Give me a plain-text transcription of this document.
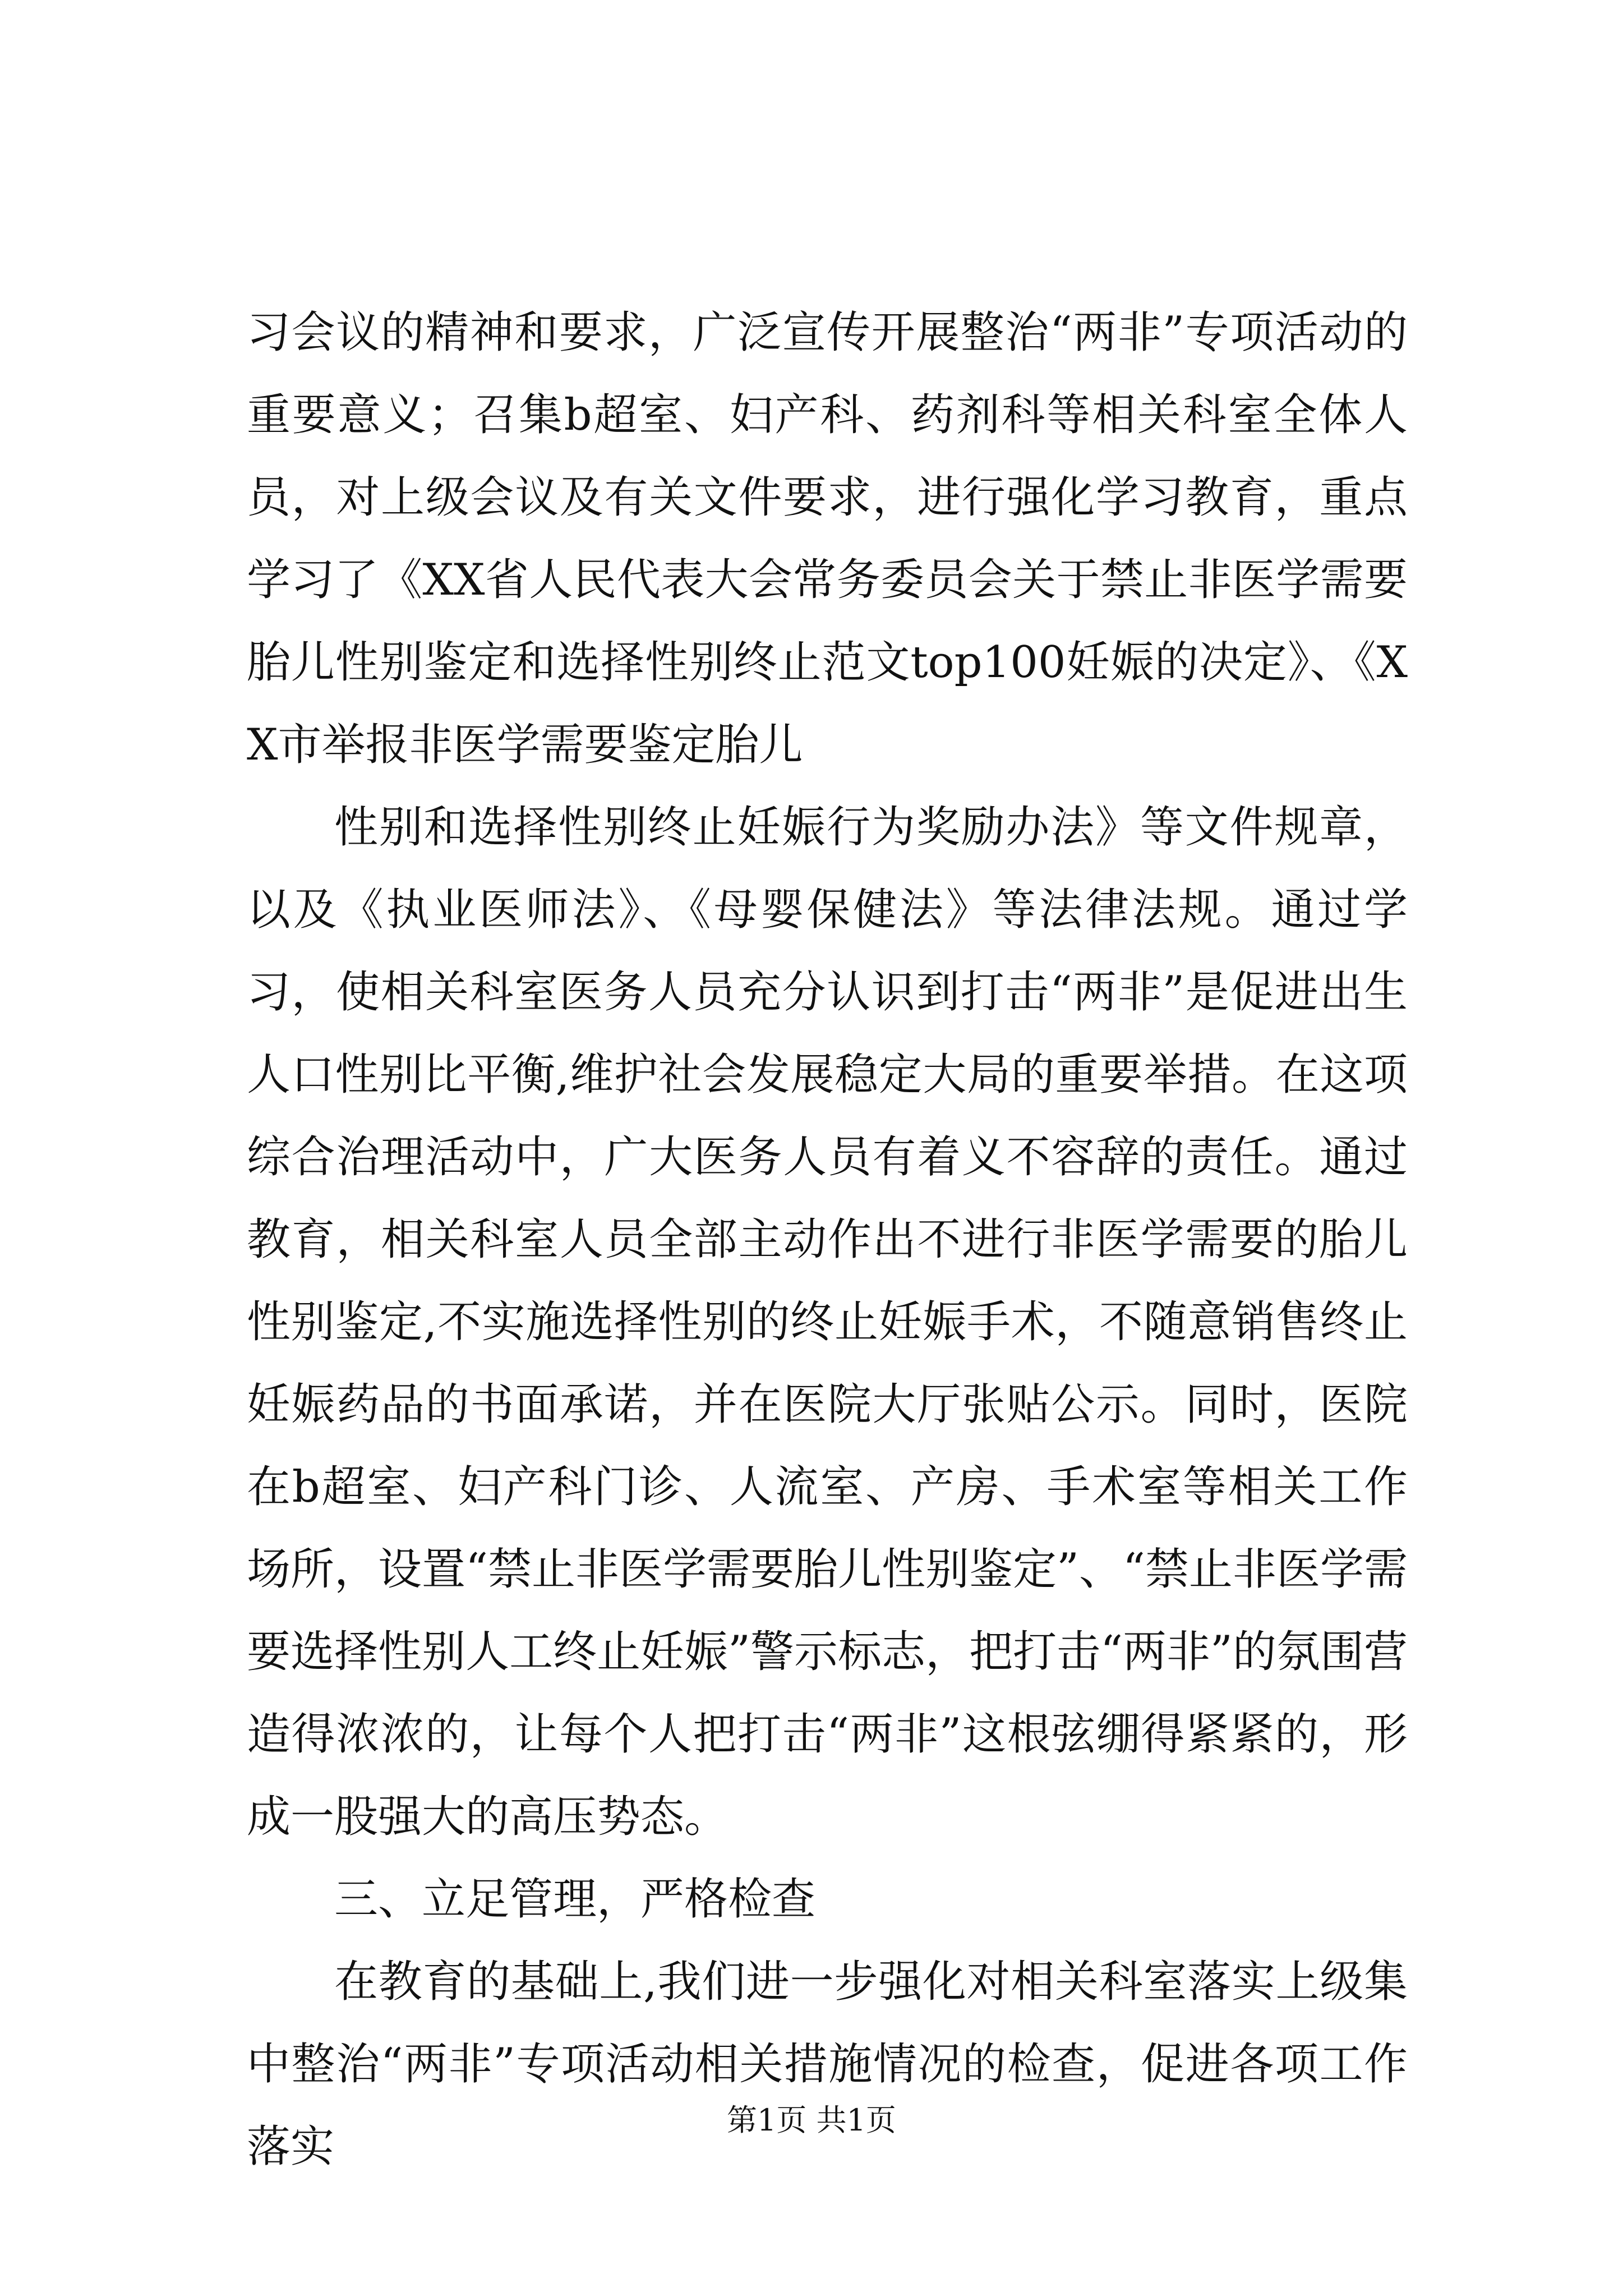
习会议的精神和要求，广泛宣传开展整治“两非”专项活动的重要意义；召集b超室、妇产科、药剂科等相关科室全体人员，对上级会议及有关文件要求，进行强化学习教育，重点学习了《XX省人民代表大会常务委员会关于禁止非医学需要胎儿性别鉴定和选择性别终止范文top100妊娠的决定》、《XX市举报非医学需要鉴定胎儿

性别和选择性别终止妊娠行为奖励办法》等文件规章，以及《执业医师法》、《母婴保健法》等法律法规。通过学习，使相关科室医务人员充分认识到打击“两非”是促进出生人口性别比平衡,维护社会发展稳定大局的重要举措。在这项综合治理活动中，广大医务人员有着义不容辞的责任。通过教育，相关科室人员全部主动作出不进行非医学需要的胎儿性别鉴定,不实施选择性别的终止妊娠手术，不随意销售终止妊娠药品的书面承诺，并在医院大厅张贴公示。同时，医院在b超室、妇产科门诊、人流室、产房、手术室等相关工作场所，设置“禁止非医学需要胎儿性别鉴定”、“禁止非医学需要选择性别人工终止妊娠”警示标志，把打击“两非”的氛围营造得浓浓的，让每个人把打击“两非”这根弦绷得紧紧的，形成一股强大的高压势态。

三、立足管理，严格检查

在教育的基础上,我们进一步强化对相关科室落实上级集中整治“两非”专项活动相关措施情况的检查，促进各项工作落实

第1页 共1页
